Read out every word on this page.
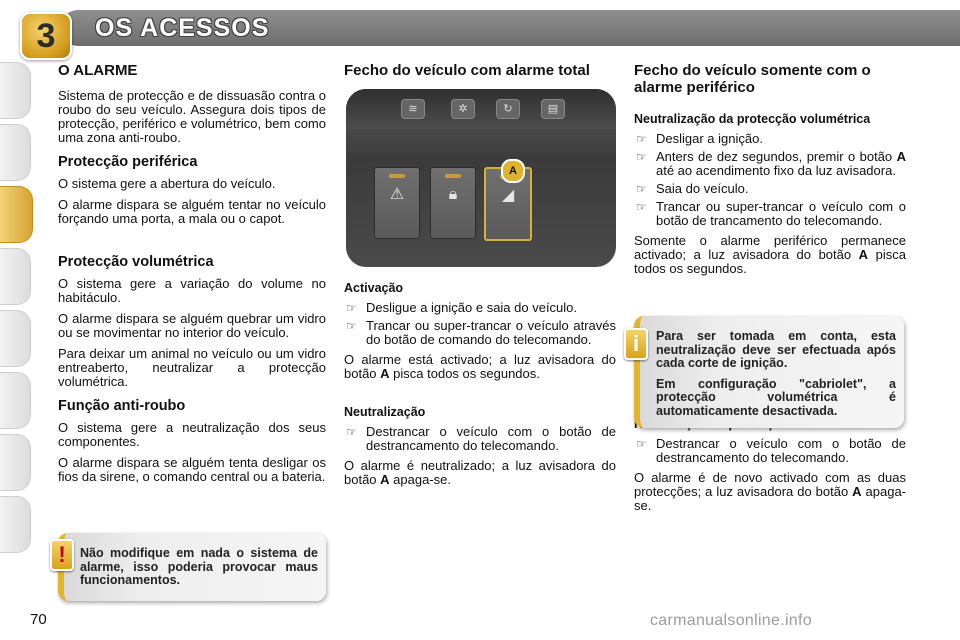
3	OS ACESSOS
O ALARME

Sistema de protecção e de dissuasão contra o roubo do seu veículo. Assegura dois tipos de protecção, periférico e volumétrico, bem como uma zona anti-roubo.

Protecção periférica

O sistema gere a abertura do veículo.

O alarme dispara se alguém tentar no veículo forçando uma porta, a mala ou o capot.

Protecção volumétrica

O sistema gere a variação do volume no habitáculo.

O alarme dispara se alguém quebrar um vidro ou se movimentar no interior do veículo.

Para deixar um animal no veículo ou um vidro entreaberto, neutralizar a protecção volumétrica.

Função anti-roubo

O sistema gere a neutralização dos seus componentes.

O alarme dispara se alguém tenta desligar os fios da sirene, o comando central ou a bateria.

!	Não modifique em nada o sistema de alarme, isso poderia provocar maus funcionamentos.
Fecho do veículo com alarme total
≋	✲	↻	▤
⚠	🔒︎	◢
A
Activação
☞ Desligue a ignição e saia do veículo.
☞ Trancar ou super-trancar o veículo através do botão de comando do telecomando.

O alarme está activado; a luz avisadora do botão A pisca todos os segundos.

Neutralização
☞ Destrancar o veículo com o botão de destrancamento do telecomando.

O alarme é neutralizado; a luz avisadora do botão A apaga-se.

Fecho do veículo somente com o alarme periférico
Neutralização da protecção volumétrica
☞ Desligar a ignição.
☞ Anters de dez segundos, premir o botão A até ao acendimento fixo da luz avisadora.
☞ Saia do veículo.
☞ Trancar ou super-trancar o veículo com o botão de trancamento do telecomando.

Somente o alarme periférico permanece activado; a luz avisadora do botão A pisca todos os segundos.

☞ Destrancar o veículo com o botão de destrancamento do telecomando.

O alarme é de novo activado com as duas protecções; a luz avisadora do botão A apaga-se.

i	Para ser tomada em conta, esta neutralização deve ser efectuada após cada corte de ignição.

Em configuração "cabriolet", a protecção volumétrica é automaticamente desactivada.

70	carmanualsonline.info
